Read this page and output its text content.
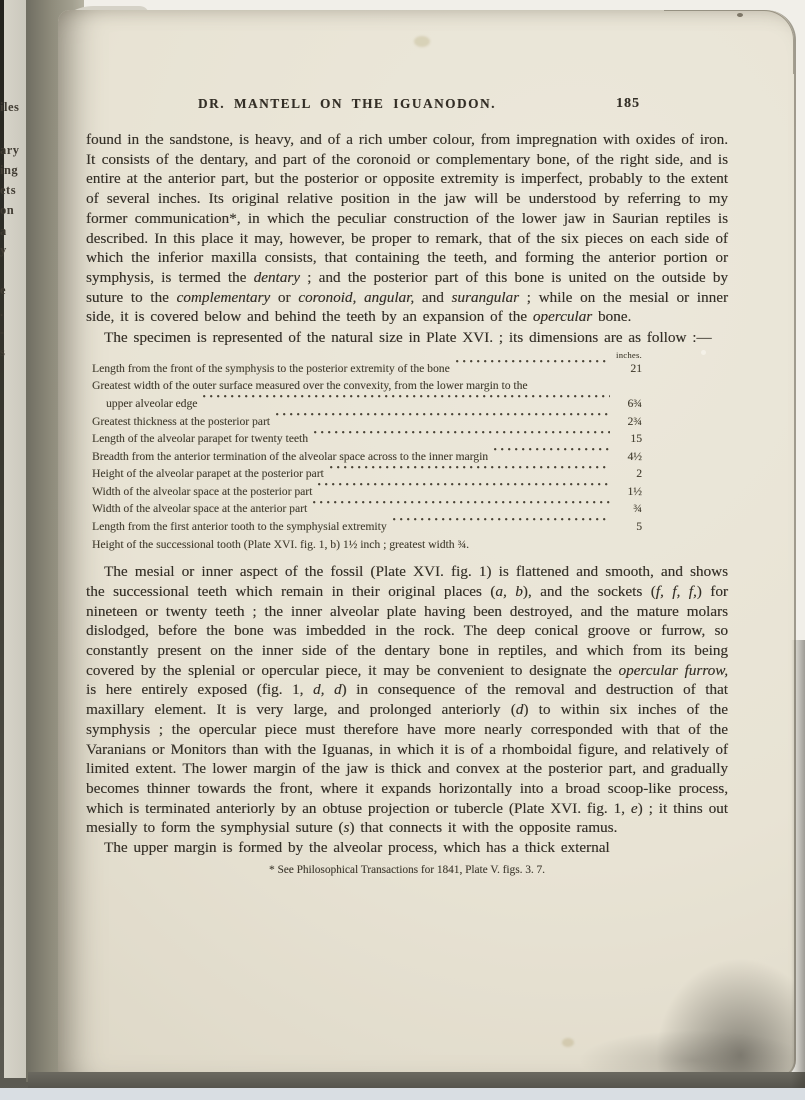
iles
ary
ing
ets
on
a
y
e
.
-
s
DR. MANTELL ON THE IGUANODON.	185
found in the sandstone, is heavy, and of a rich umber colour, from impregnation with oxides of iron. It consists of the dentary, and part of the coronoid or complementary bone, of the right side, and is entire at the anterior part, but the posterior or opposite extremity is imperfect, probably to the extent of several inches. Its original relative position in the jaw will be understood by referring to my former communication*, in which the peculiar construction of the lower jaw in Saurian reptiles is described. In this place it may, however, be proper to remark, that of the six pieces on each side of which the inferior maxilla consists, that containing the teeth, and forming the anterior portion or symphysis, is termed the dentary ; and the posterior part of this bone is united on the outside by suture to the complementary or coronoid, angular, and surangular ; while on the mesial or inner side, it is covered below and behind the teeth by an expansion of the opercular bone.
The specimen is represented of the natural size in Plate XVI. ; its dimensions are as follow :—
inches.
Length from the front of the symphysis to the posterior extremity of the bone	21
Greatest width of the outer surface measured over the convexity, from the lower margin to the
upper alveolar edge	6¾
Greatest thickness at the posterior part	2¾
Length of the alveolar parapet for twenty teeth	15
Breadth from the anterior termination of the alveolar space across to the inner margin	4½
Height of the alveolar parapet at the posterior part	2
Width of the alveolar space at the posterior part	1½
Width of the alveolar space at the anterior part	¾
Length from the first anterior tooth to the symphysial extremity	5
Height of the successional tooth (Plate XVI. fig. 1, b) 1½ inch ; greatest width ¾.
The mesial or inner aspect of the fossil (Plate XVI. fig. 1) is flattened and smooth, and shows the successional teeth which remain in their original places (a, b), and the sockets (f, f, f,) for nineteen or twenty teeth ; the inner alveolar plate having been destroyed, and the mature molars dislodged, before the bone was imbedded in the rock. The deep conical groove or furrow, so constantly present on the inner side of the dentary bone in reptiles, and which from its being covered by the splenial or opercular piece, it may be convenient to designate the opercular furrow, is here entirely exposed (fig. 1, d, d) in consequence of the removal and destruction of that maxillary element. It is very large, and prolonged anteriorly (d) to within six inches of the symphysis ; the opercular piece must therefore have more nearly corresponded with that of the Varanians or Monitors than with the Iguanas, in which it is of a rhomboidal figure, and relatively of limited extent. The lower margin of the jaw is thick and convex at the posterior part, and gradually becomes thinner towards the front, where it expands horizontally into a broad scoop-like process, which is terminated anteriorly by an obtuse projection or tubercle (Plate XVI. fig. 1, e) ; it thins out mesially to form the symphysial suture (s) that connects it with the opposite ramus.
The upper margin is formed by the alveolar process, which has a thick external
* See Philosophical Transactions for 1841, Plate V. figs. 3. 7.
